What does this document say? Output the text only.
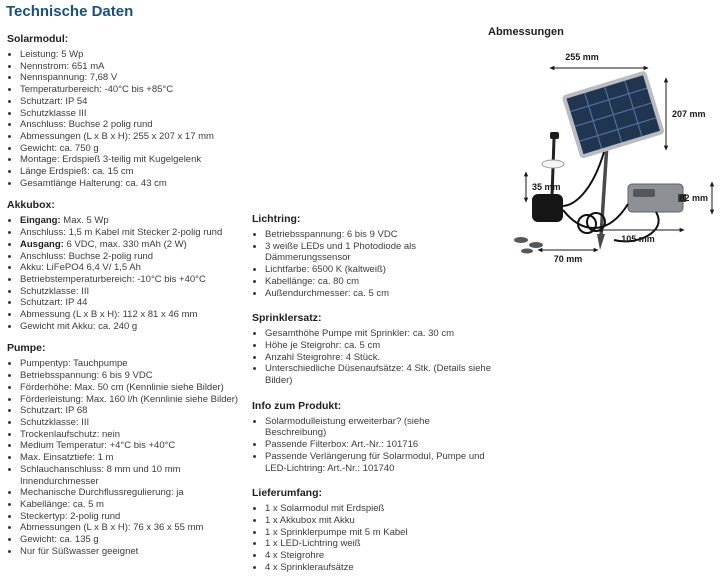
Technische Daten
Solarmodul:
• Leistung: 5 Wp
• Nennstrom: 651 mA
• Nennspannung: 7,68 V
• Temperaturbereich: -40°C bis +85°C
• Schutzart: IP 54
• Schutzklasse III
• Anschluss: Buchse 2 polig rund
• Abmessungen (L x B x H): 255 x 207 x 17 mm
• Gewicht: ca. 750 g
• Montage: Erdspieß 3-teilig mit Kugelgelenk
• Länge Erdspieß: ca. 15 cm
• Gesamtlänge Halterung: ca. 43 cm
Akkubox:
• Eingang: Max. 5 Wp
• Anschluss: 1,5 m Kabel mit Stecker 2-polig rund
• Ausgang: 6 VDC, max. 330 mAh (2 W)
• Anschluss: Buchse 2-polig rund
• Akku: LiFePO4 6,4 V/ 1,5 Ah
• Betriebstemperaturbereich: -10°C bis +40°C
• Schutzklasse: III
• Schutzart: IP 44
• Abmessung (L x B x H): 112 x 81 x 46 mm
• Gewicht mit Akku: ca. 240 g
Pumpe:
• Pumpentyp: Tauchpumpe
• Betriebsspannung: 6 bis 9 VDC
• Förderhöhe: Max. 50 cm (Kennlinie siehe Bilder)
• Förderleistung: Max. 160 l/h (Kennlinie siehe Bilder)
• Schutzart: IP 68
• Schutzklasse: III
• Trockenlaufschutz: nein
• Medium Temperatur: +4°C bis +40°C
• Max. Einsatztiefe: 1 m
• Schlauchanschluss: 8 mm und 10 mm Innendurchmesser
• Mechanische Durchflussregulierung: ja
• Kabellänge: ca. 5 m
• Steckertyp: 2-polig rund
• Abmessungen (L x B x H): 76 x 36 x 55 mm
• Gewicht: ca. 135 g
• Nur für Süßwasser geeignet
Lichtring:
• Betriebsspannung: 6 bis 9 VDC
• 3 weiße LEDs und 1 Photodiode als Dämmerungssensor
• Lichtfarbe: 6500 K (kaltweiß)
• Kabellänge: ca. 80 cm
• Außendurchmesser: ca. 5 cm
Sprinklersatz:
• Gesamthöhe Pumpe mit Sprinkler: ca. 30 cm
• Höhe je Steigrohr: ca. 5 cm
• Anzahl Steigrohre: 4 Stück.
• Unterschiedliche Düsenaufsätze: 4 Stk. (Details siehe Bilder)
Info zum Produkt:
• Solarmodulleistung erweiterbar? (siehe Beschreibung)
• Passende Filterbox: Art.-Nr.: 101716
• Passende Verlängerung für Solarmodul, Pumpe und LED-Lichtring: Art.-Nr.: 101740
Lieferumfang:
• 1 x Solarmodul mit Erdspieß
• 1 x Akkubox mit Akku
• 1 x Sprinklerpumpe mit 5 m Kabel
• 1 x LED-Lichtring weiß
• 4 x Steigrohre
• 4 x Sprinkleraufsätze
Abmessungen
255 mm
207 mm
35 mm
82 mm
105 mm
70 mm
